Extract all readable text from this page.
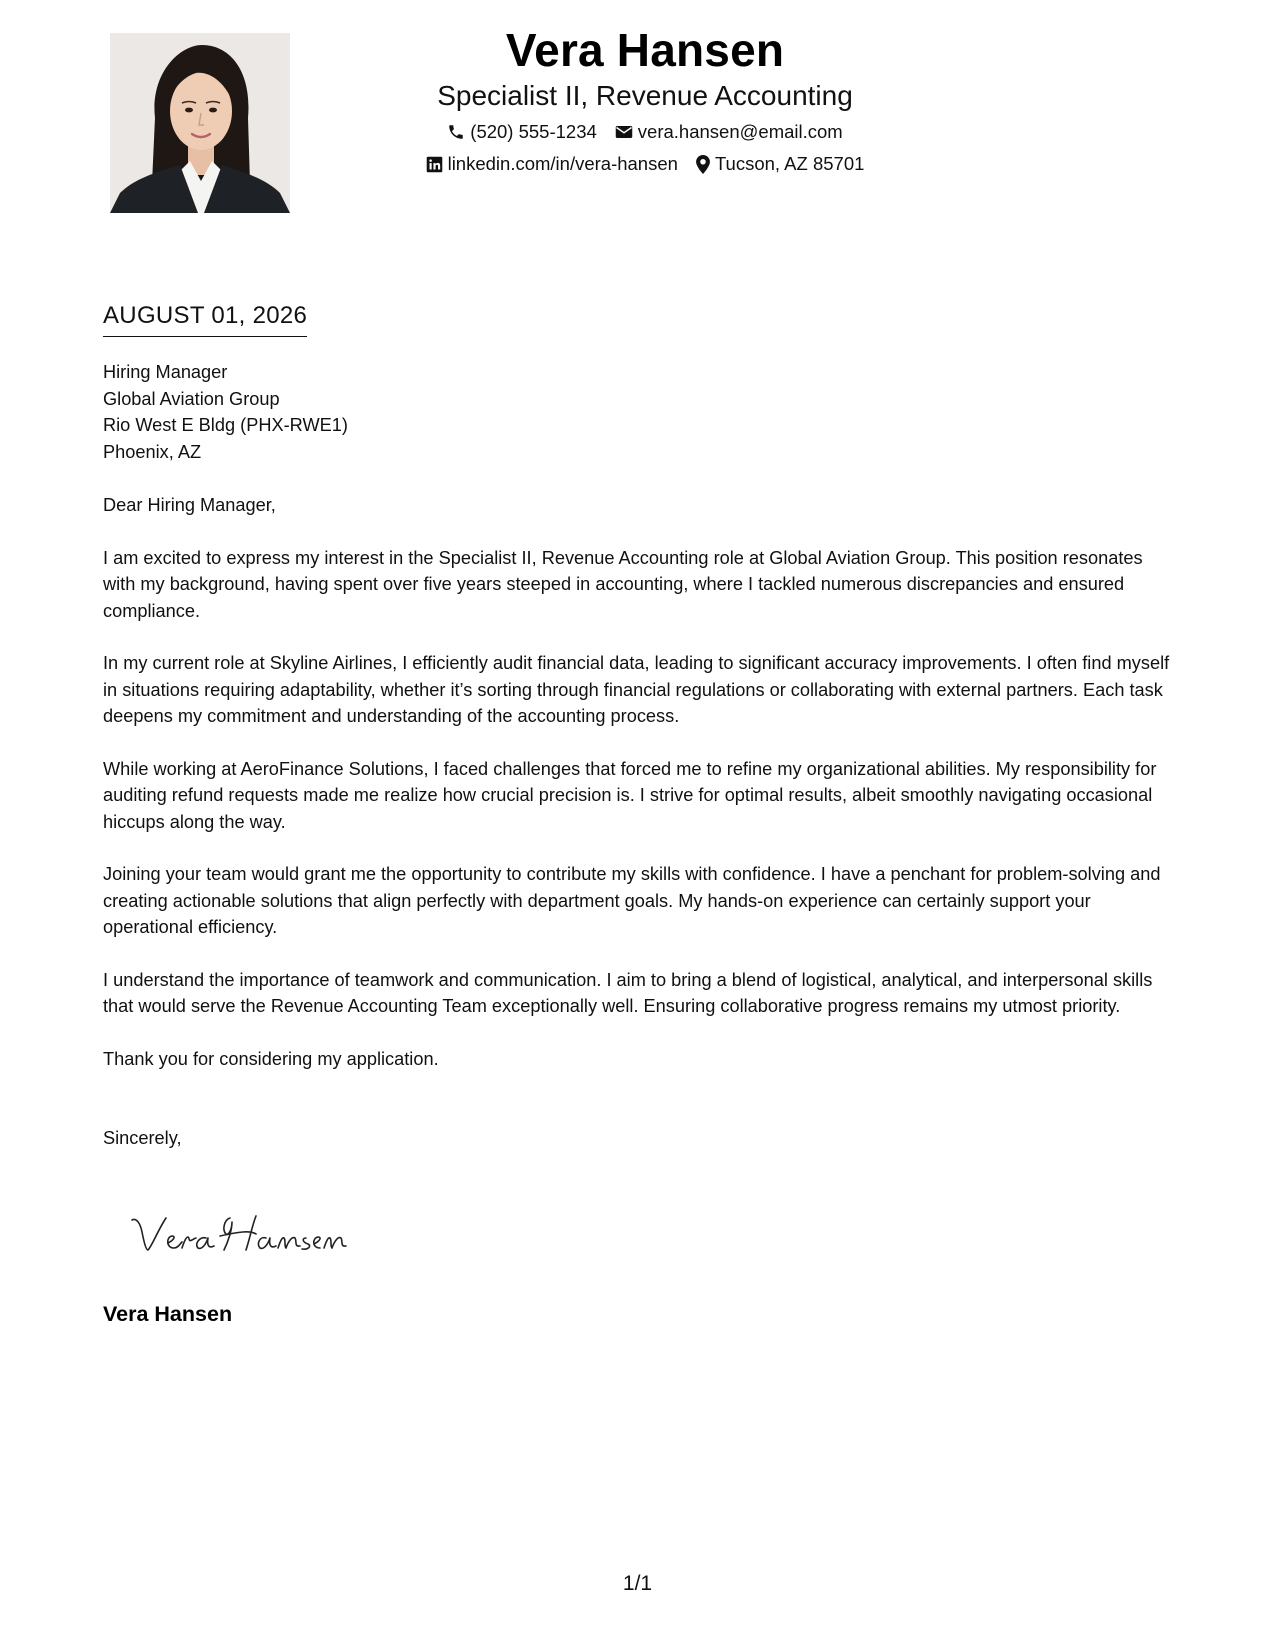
Vera Hansen
Specialist II, Revenue Accounting
(520) 555-1234 vera.hansen@email.com
linkedin.com/in/vera-hansen Tucson, AZ 85701
AUGUST 01, 2026
Hiring Manager
Global Aviation Group
Rio West E Bldg (PHX-RWE1)
Phoenix, AZ

Dear Hiring Manager,

I am excited to express my interest in the Specialist II, Revenue Accounting role at Global Aviation Group. This position resonates with my background, having spent over five years steeped in accounting, where I tackled numerous discrepancies and ensured compliance.

In my current role at Skyline Airlines, I efficiently audit financial data, leading to significant accuracy improvements. I often find myself in situations requiring adaptability, whether it’s sorting through financial regulations or collaborating with external partners. Each task deepens my commitment and understanding of the accounting process.

While working at AeroFinance Solutions, I faced challenges that forced me to refine my organizational abilities. My responsibility for auditing refund requests made me realize how crucial precision is. I strive for optimal results, albeit smoothly navigating occasional hiccups along the way.

Joining your team would grant me the opportunity to contribute my skills with confidence. I have a penchant for problem-solving and creating actionable solutions that align perfectly with department goals. My hands-on experience can certainly support your operational efficiency.

I understand the importance of teamwork and communication. I aim to bring a blend of logistical, analytical, and interpersonal skills that would serve the Revenue Accounting Team exceptionally well. Ensuring collaborative progress remains my utmost priority.

Thank you for considering my application.

Sincerely,

Vera Hansen
1/1
